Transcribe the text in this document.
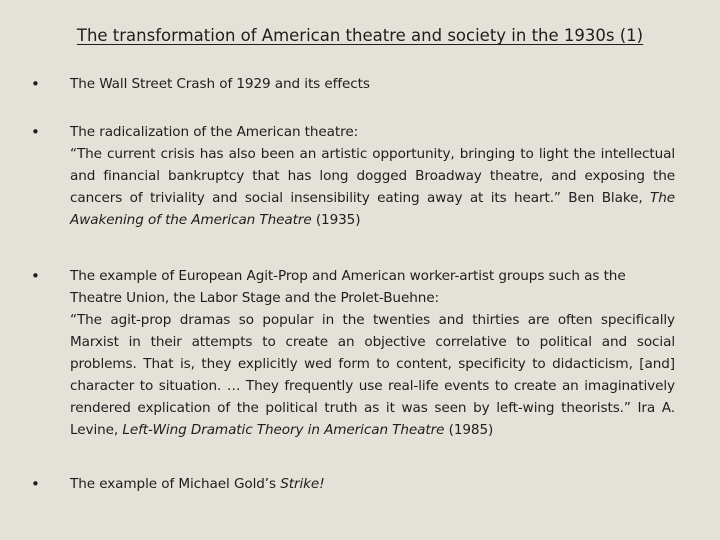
The transformation of American theatre and society in the 1930s (1)
•	The Wall Street Crash of 1929 and its effects
•	The radicalization of the American theatre:
“The current crisis has also been an artistic opportunity, bringing to light the intellectual and financial bankruptcy that has long dogged Broadway theatre, and exposing the cancers of triviality and social insensibility eating away at its heart.” Ben Blake, The Awakening of the American Theatre (1935)
•	The example of European Agit-Prop and American worker-artist groups such as the Theatre Union, the Labor Stage and the Prolet-Buehne:
“The agit-prop dramas so popular in the twenties and thirties are often specifically Marxist in their attempts to create an objective correlative to political and social problems. That is, they explicitly wed form to content, specificity to didacticism, [and] character to situation. … They frequently use real-life events to create an imaginatively rendered explication of the political truth as it was seen by left-wing theorists.” Ira A. Levine, Left-Wing Dramatic Theory in American Theatre (1985)
•	The example of Michael Gold’s Strike!
